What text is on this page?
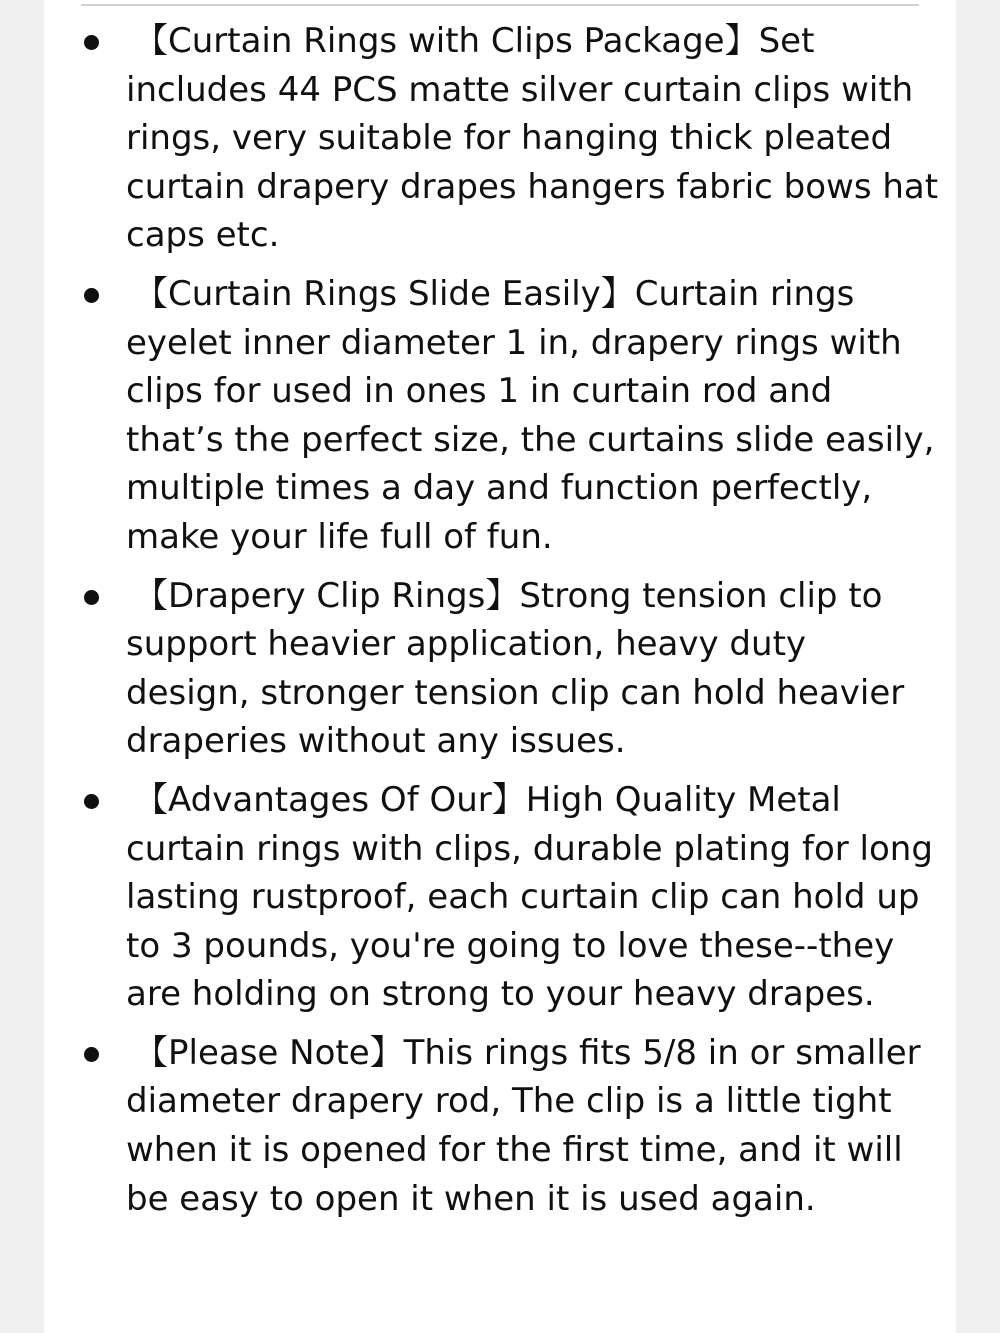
【Curtain Rings with Clips Package】Set includes 44 PCS matte silver curtain clips with rings, very suitable for hanging thick pleated curtain drapery drapes hangers fabric bows hat caps etc.
【Curtain Rings Slide Easily】Curtain rings eyelet inner diameter 1 in, drapery rings with clips for used in ones 1 in curtain rod and that’s the perfect size, the curtains slide easily, multiple times a day and function perfectly, make your life full of fun.
【Drapery Clip Rings】Strong tension clip to support heavier application, heavy duty design, stronger tension clip can hold heavier draperies without any issues.
【Advantages Of Our】High Quality Metal curtain rings with clips, durable plating for long lasting rustproof, each curtain clip can hold up to 3 pounds, you're going to love these--they are holding on strong to your heavy drapes.
【Please Note】This rings fits 5/8 in or smaller diameter drapery rod, The clip is a little tight when it is opened for the first time, and it will be easy to open it when it is used again.
